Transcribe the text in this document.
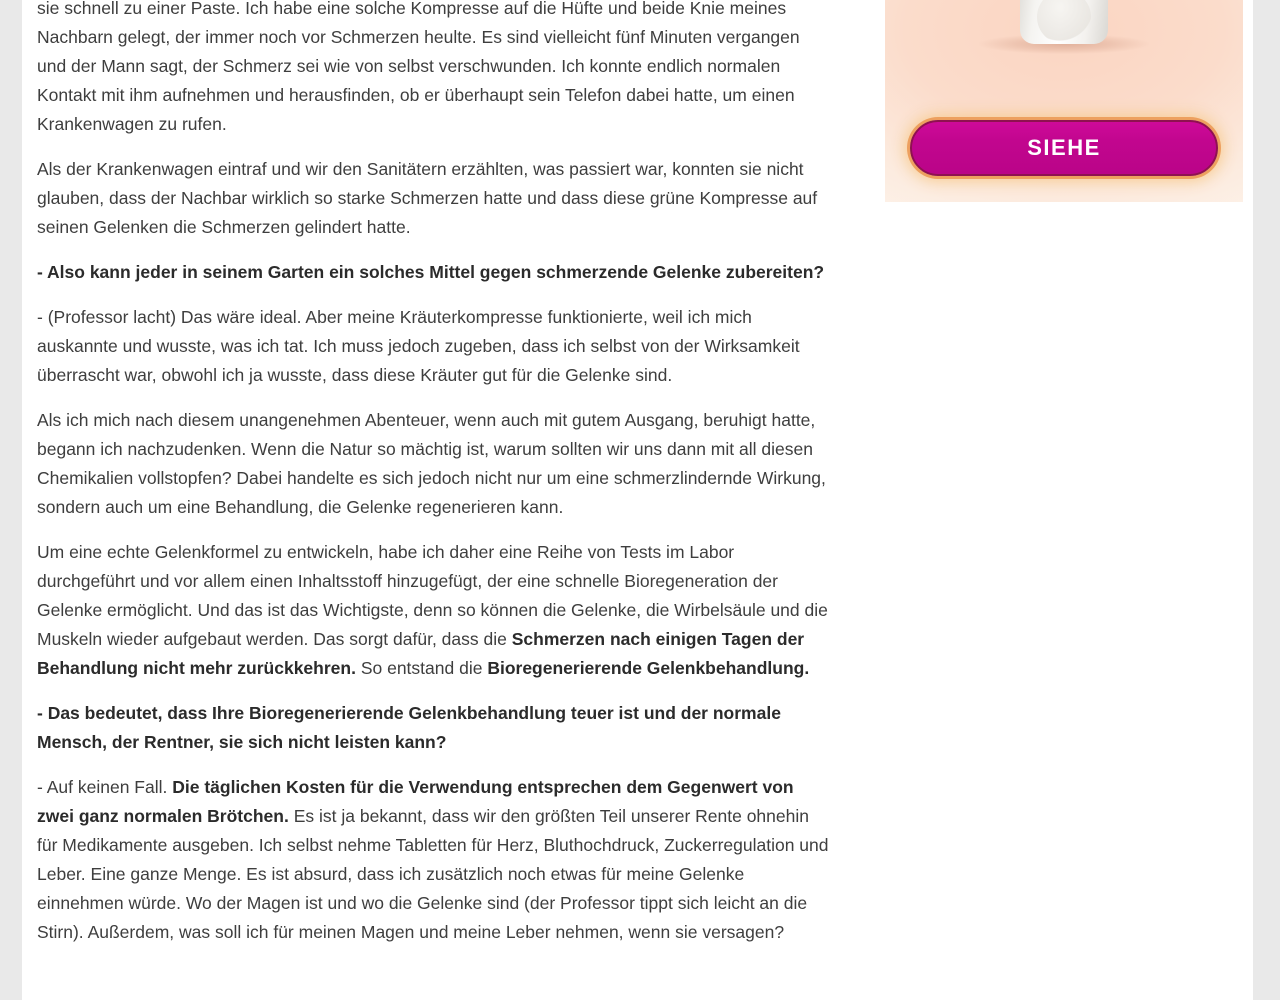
sie schnell zu einer Paste. Ich habe eine solche Kompresse auf die Hüfte und beide Knie meines Nachbarn gelegt, der immer noch vor Schmerzen heulte. Es sind vielleicht fünf Minuten vergangen und der Mann sagt, der Schmerz sei wie von selbst verschwunden. Ich konnte endlich normalen Kontakt mit ihm aufnehmen und herausfinden, ob er überhaupt sein Telefon dabei hatte, um einen Krankenwagen zu rufen.

Als der Krankenwagen eintraf und wir den Sanitätern erzählten, was passiert war, konnten sie nicht glauben, dass der Nachbar wirklich so starke Schmerzen hatte und dass diese grüne Kompresse auf seinen Gelenken die Schmerzen gelindert hatte.

- Also kann jeder in seinem Garten ein solches Mittel gegen schmerzende Gelenke zubereiten?

- (Professor lacht) Das wäre ideal. Aber meine Kräuterkompresse funktionierte, weil ich mich auskannte und wusste, was ich tat. Ich muss jedoch zugeben, dass ich selbst von der Wirksamkeit überrascht war, obwohl ich ja wusste, dass diese Kräuter gut für die Gelenke sind.

Als ich mich nach diesem unangenehmen Abenteuer, wenn auch mit gutem Ausgang, beruhigt hatte, begann ich nachzudenken. Wenn die Natur so mächtig ist, warum sollten wir uns dann mit all diesen Chemikalien vollstopfen? Dabei handelte es sich jedoch nicht nur um eine schmerzlindernde Wirkung, sondern auch um eine Behandlung, die Gelenke regenerieren kann.

Um eine echte Gelenkformel zu entwickeln, habe ich daher eine Reihe von Tests im Labor durchgeführt und vor allem einen Inhaltsstoff hinzugefügt, der eine schnelle Bioregeneration der Gelenke ermöglicht. Und das ist das Wichtigste, denn so können die Gelenke, die Wirbelsäule und die Muskeln wieder aufgebaut werden. Das sorgt dafür, dass die Schmerzen nach einigen Tagen der Behandlung nicht mehr zurückkehren. So entstand die Bioregenerierende Gelenkbehandlung.

- Das bedeutet, dass Ihre Bioregenerierende Gelenkbehandlung teuer ist und der normale Mensch, der Rentner, sie sich nicht leisten kann?

- Auf keinen Fall. Die täglichen Kosten für die Verwendung entsprechen dem Gegenwert von zwei ganz normalen Brötchen. Es ist ja bekannt, dass wir den größten Teil unserer Rente ohnehin für Medikamente ausgeben. Ich selbst nehme Tabletten für Herz, Bluthochdruck, Zuckerregulation und Leber. Eine ganze Menge. Es ist absurd, dass ich zusätzlich noch etwas für meine Gelenke einnehmen würde. Wo der Magen ist und wo die Gelenke sind (der Professor tippt sich leicht an die Stirn). Außerdem, was soll ich für meinen Magen und meine Leber nehmen, wenn sie versagen?

SIEHE
